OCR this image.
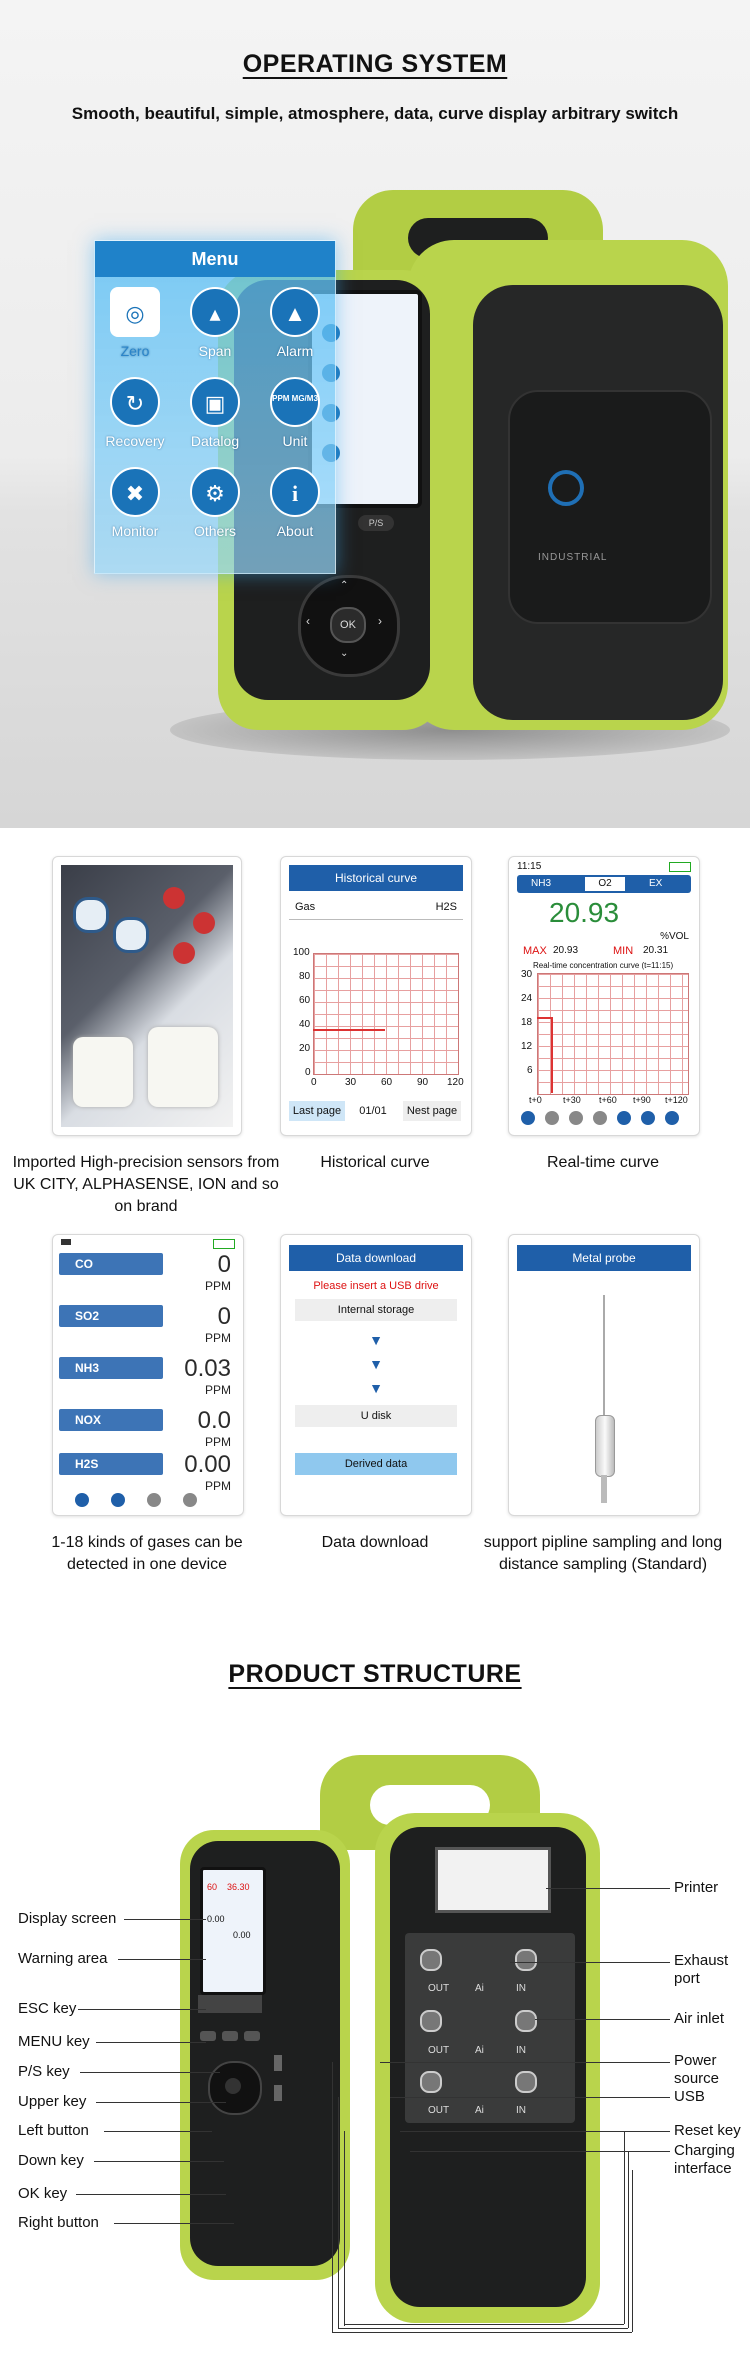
OPERATING SYSTEM
Smooth, beautiful, simple, atmosphere, data, curve display arbitrary switch
INDUSTRIAL
P/S
OK
⌃
⌄
‹	›
Menu
◎
Zero
▴
Span
▲
Alarm
↻
Recovery
▣
Datalog
PPM MG/M3
Unit
✖
Monitor
⚙
Others
i
About
Imported High-precision sensors from UK CITY, ALPHASENSE, ION and so on brand
Historical curve
Gas	H2S
100
80
60
40
20
0
0	30 60 90 120
Last page	01/01	Nest page
Historical curve
11:15
NH3	O2	EX
20.93
%VOL
MAX 20.93	MIN 20.31
Real-time concentration curve (t=11:15)
30
24
18
12
6
t+0 t+30 t+60 t+90 t+120
Real-time curve
CO	0
PPM
SO2	0
PPM
NH3	0.03
PPM
NOX	0.0
PPM
H2S	0.00
PPM
1-18 kinds of gases can be detected in one device
Data download
Please insert a USB drive
Internal storage
▼
▼
▼
U disk
Derived data
Data download
Metal probe
support pipline sampling and long distance sampling (Standard)
PRODUCT STRUCTURE
OUT	Ai	IN
OUT	Ai	IN
OUT	Ai	IN
60 36.30
0.00
0.00
Display screen
Warning area
ESC key
MENU key
P/S key
Upper key
Left button
Down key
OK key
Right button
Printer
Exhaust port
Air inlet
Power source
USB
Reset key
Charging interface
